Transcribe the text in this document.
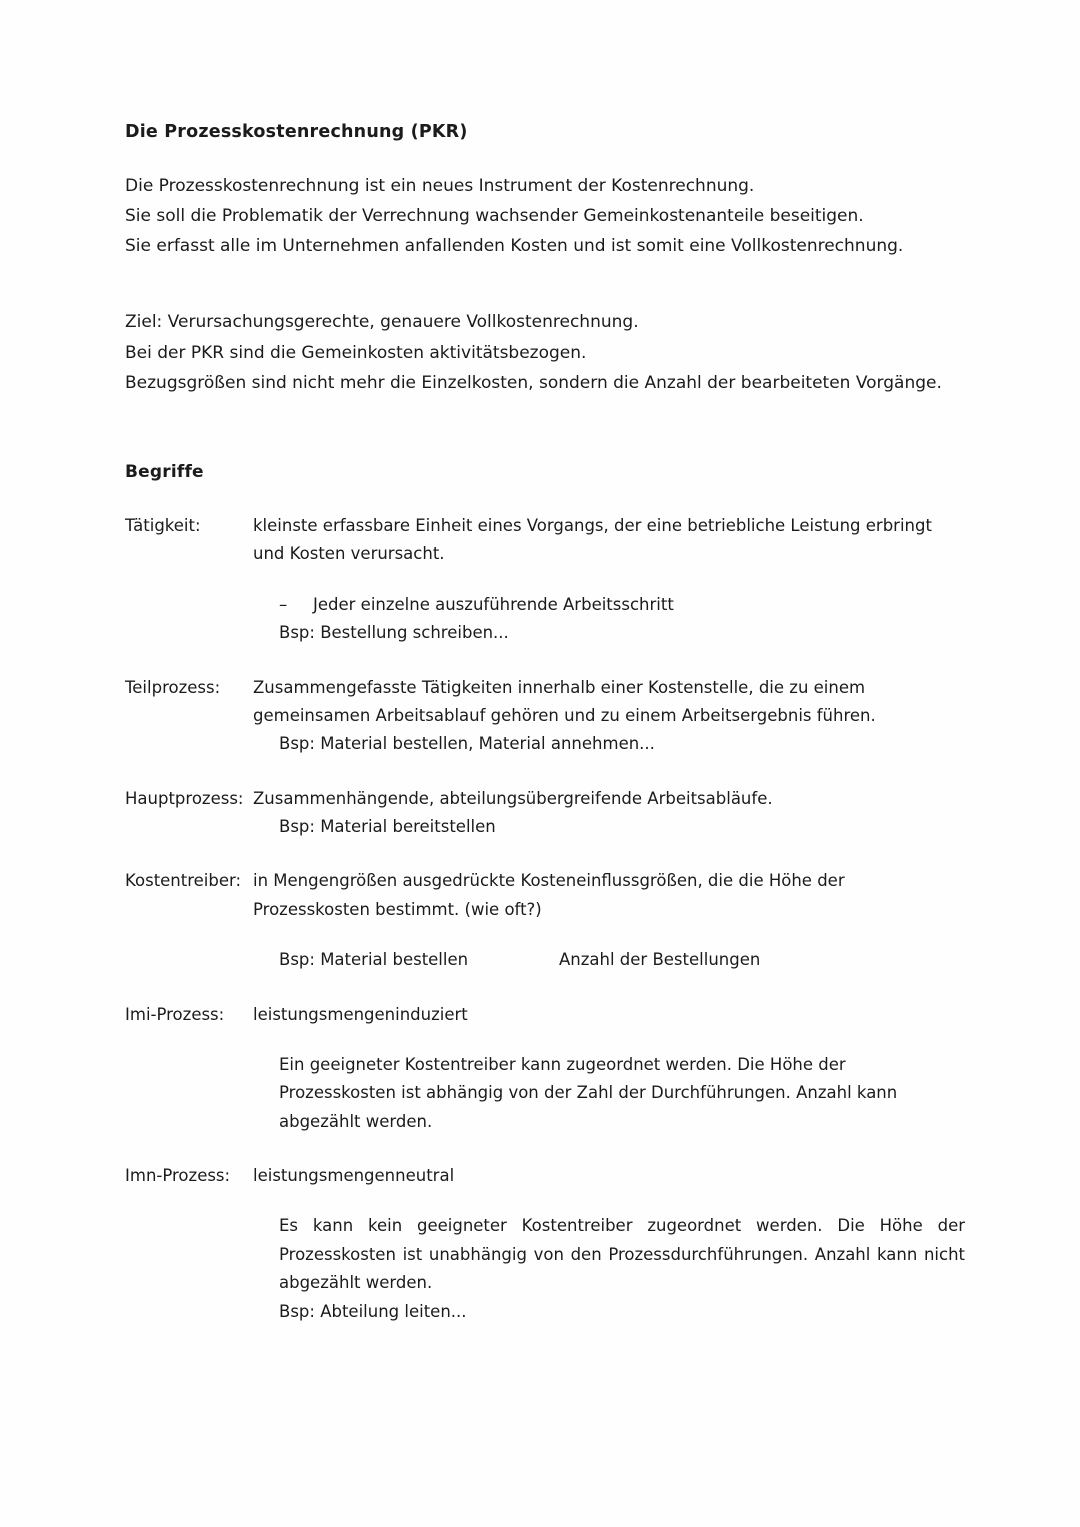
Die Prozesskostenrechnung (PKR)

Die Prozesskostenrechnung ist ein neues Instrument der Kostenrechnung.

Sie soll die Problematik der Verrechnung wachsender Gemeinkostenanteile beseitigen.

Sie erfasst alle im Unternehmen anfallenden Kosten und ist somit eine Vollkostenrechnung.

Ziel: Verursachungsgerechte, genauere Vollkostenrechnung.

Bei der PKR sind die Gemeinkosten aktivitätsbezogen.

Bezugsgrößen sind nicht mehr die Einzelkosten, sondern die Anzahl der bearbeiteten Vorgänge.

Begriffe
Tätigkeit:	kleinste erfassbare Einheit eines Vorgangs, der eine betriebliche Leistung erbringt und Kosten verursacht.

–	Jeder einzelne auszuführende Arbeitsschritt

Bsp: Bestellung schreiben...

Teilprozess:	Zusammengefasste Tätigkeiten innerhalb einer Kostenstelle, die zu einem gemeinsamen Arbeitsablauf gehören und zu einem Arbeitsergebnis führen.

Bsp: Material bestellen, Material annehmen...

Hauptprozess: Zusammenhängende, abteilungsübergreifende Arbeitsabläufe.

Bsp: Material bereitstellen

Kostentreiber: in Mengengrößen ausgedrückte Kosteneinflussgrößen, die die Höhe der Prozesskosten bestimmt. (wie oft?)

Bsp: Material bestellen	Anzahl der Bestellungen
Imi-Prozess:	leistungsmengeninduziert

Ein geeigneter Kostentreiber kann zugeordnet werden. Die Höhe der Prozesskosten ist abhängig von der Zahl der Durchführungen. Anzahl kann abgezählt werden.

Imn-Prozess:	leistungsmengenneutral

Es kann kein geeigneter Kostentreiber zugeordnet werden. Die Höhe der Prozesskosten ist unabhängig von den Prozessdurchführungen. Anzahl kann nicht abgezählt werden.

Bsp: Abteilung leiten...
